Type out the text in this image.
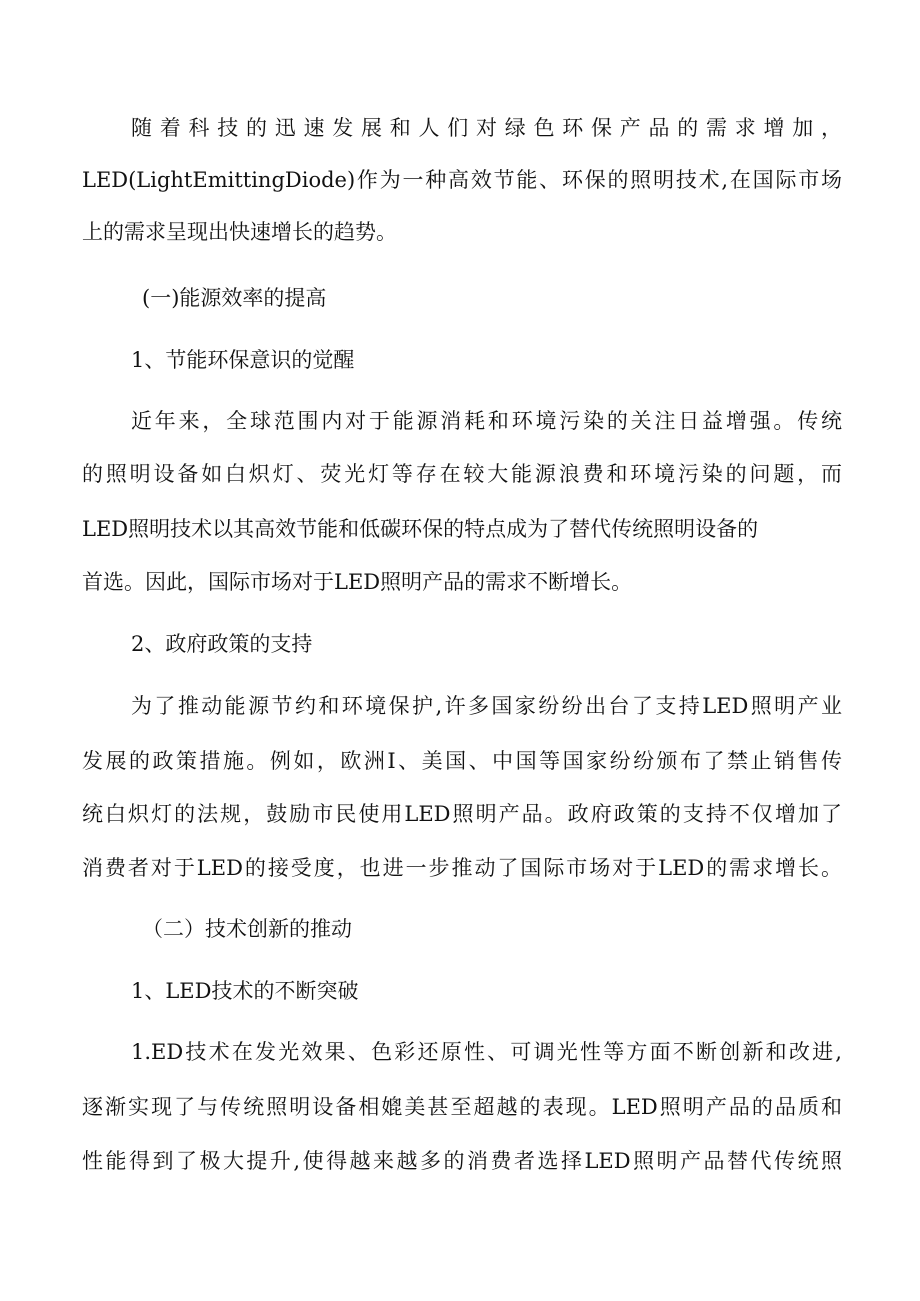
随着科技的迅速发展和人们对绿色环保产品的需求增加，
LED(LightEmittingDiode)作为一种高效节能、环保的照明技术,在国际市场
上的需求呈现出快速增长的趋势。
(一)能源效率的提高
1、节能环保意识的觉醒
近年来，全球范围内对于能源消耗和环境污染的关注日益增强。传统
的照明设备如白炽灯、荧光灯等存在较大能源浪费和环境污染的问题，而
LED照明技术以其高效节能和低碳环保的特点成为了替代传统照明设备的
首选。因此，国际市场对于LED照明产品的需求不断增长。
2、政府政策的支持
为了推动能源节约和环境保护,许多国家纷纷出台了支持LED照明产业
发展的政策措施。例如，欧洲I、美国、中国等国家纷纷颁布了禁止销售传
统白炽灯的法规，鼓励市民使用LED照明产品。政府政策的支持不仅增加了
消费者对于LED的接受度，也进一步推动了国际市场对于LED的需求增长。
（二）技术创新的推动
1、LED技术的不断突破
1.ED技术在发光效果、色彩还原性、可调光性等方面不断创新和改进,
逐渐实现了与传统照明设备相媲美甚至超越的表现。LED照明产品的品质和
性能得到了极大提升,使得越来越多的消费者选择LED照明产品替代传统照
